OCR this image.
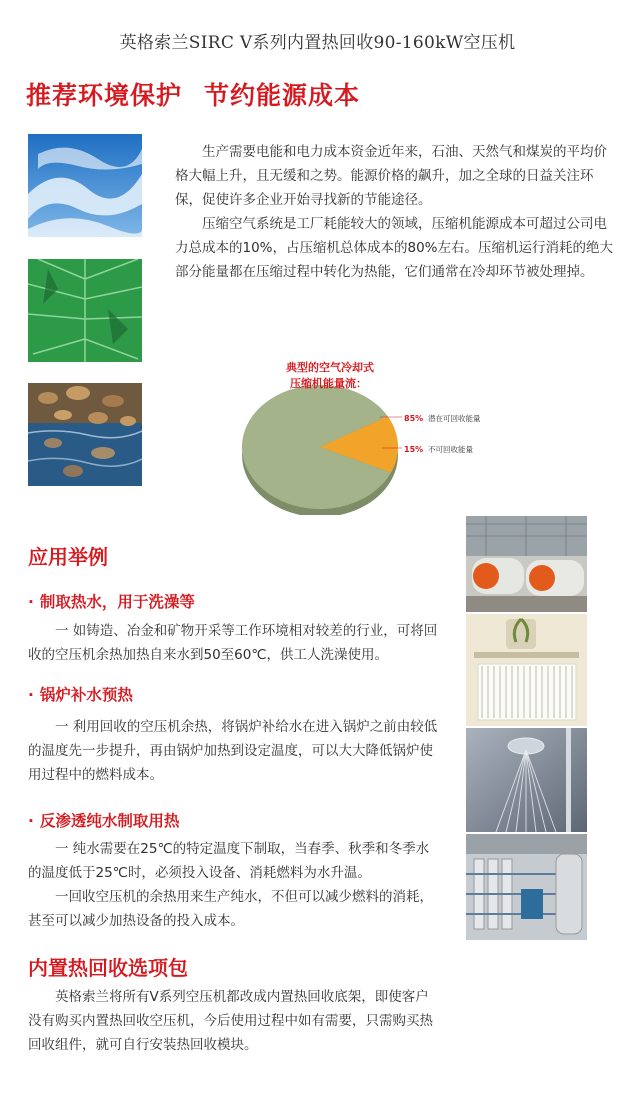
英格索兰SIRC V系列内置热回收90-160kW空压机
推荐环境保护 节约能源成本
生产需要电能和电力成本资金近年来，石油、天然气和煤炭的平均价格大幅上升，且无缓和之势。能源价格的飙升，加之全球的日益关注环保，促使许多企业开始寻找新的节能途径。
压缩空气系统是工厂耗能较大的领域，压缩机能源成本可超过公司电力总成本的10%，占压缩机总体成本的80%左右。压缩机运行消耗的绝大部分能量都在压缩过程中转化为热能，它们通常在冷却环节被处理掉。
典型的空气冷却式
压缩机能量流：
85% 潜在可回收能量
15% 不可回收能量
应用举例
· 制取热水，用于洗澡等
一 如铸造、冶金和矿物开采等工作环境相对较差的行业，可将回收的空压机余热加热自来水到50至60℃，供工人洗澡使用。
· 锅炉补水预热
一 利用回收的空压机余热，将锅炉补给水在进入锅炉之前由较低的温度先一步提升，再由锅炉加热到设定温度，可以大大降低锅炉使用过程中的燃料成本。
· 反渗透纯水制取用热
一 纯水需要在25℃的特定温度下制取，当春季、秋季和冬季水的温度低于25℃时，必须投入设备、消耗燃料为水升温。
一回收空压机的余热用来生产纯水，不但可以减少燃料的消耗，甚至可以减少加热设备的投入成本。
内置热回收选项包
英格索兰将所有V系列空压机都改成内置热回收底架，即使客户没有购买内置热回收空压机，今后使用过程中如有需要，只需购买热回收组件，就可自行安装热回收模块。
